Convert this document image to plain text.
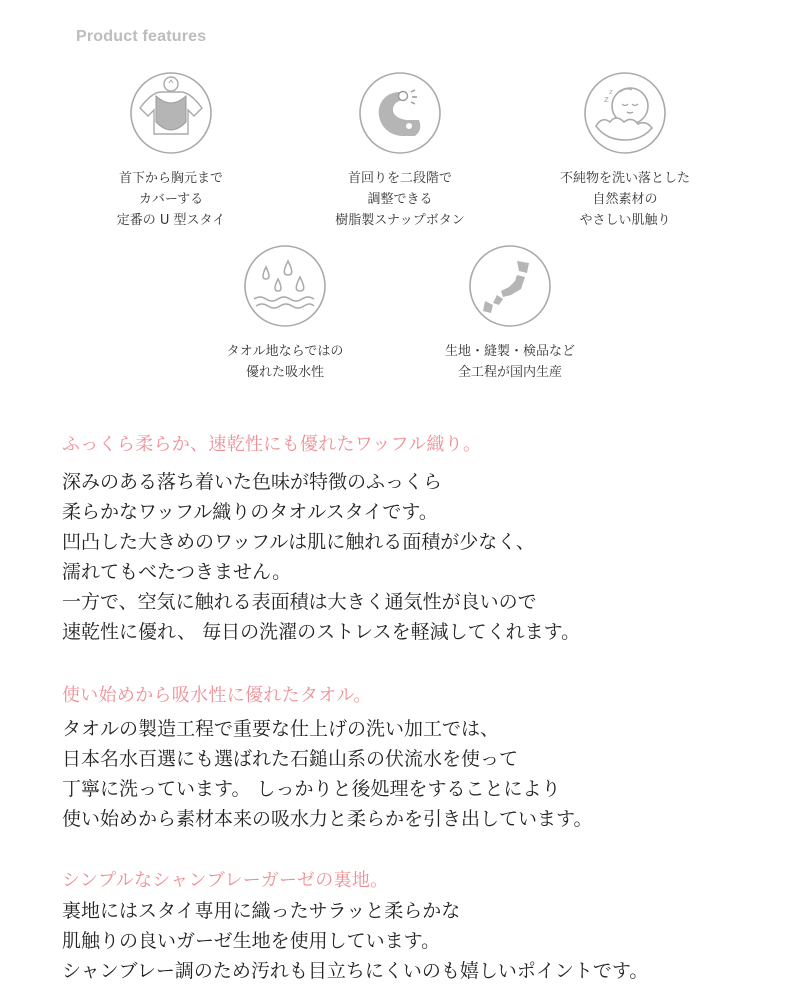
Product features
首下から胸元まで
カバーする
定番の U 型スタイ
首回りを二段階で
調整できる
樹脂製スナップボタン
z
z
不純物を洗い落とした
自然素材の
やさしい肌触り
タオル地ならではの
優れた吸水性
生地・縫製・検品など
全工程が国内生産
ふっくら柔らか、速乾性にも優れたワッフル織り。
深みのある落ち着いた色味が特徴のふっくら
柔らかなワッフル織りのタオルスタイです。
凹凸した大きめのワッフルは肌に触れる面積が少なく、
濡れてもべたつきません。
一方で、空気に触れる表面積は大きく通気性が良いので
速乾性に優れ、 毎日の洗濯のストレスを軽減してくれます。
使い始めから吸水性に優れたタオル。
タオルの製造工程で重要な仕上げの洗い加工では、
日本名水百選にも選ばれた石鎚山系の伏流水を使って
丁寧に洗っています。 しっかりと後処理をすることにより
使い始めから素材本来の吸水力と柔らかを引き出しています。
シンプルなシャンブレーガーゼの裏地。
裏地にはスタイ専用に織ったサラッと柔らかな
肌触りの良いガーゼ生地を使用しています。
シャンブレー調のため汚れも目立ちにくいのも嬉しいポイントです。
